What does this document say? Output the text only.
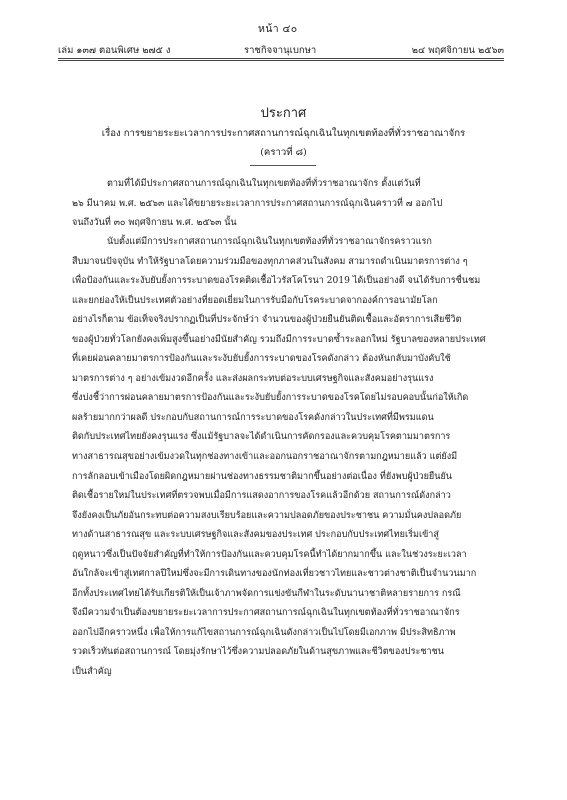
หน้า ๔๐
เล่ม ๑๓๗ ตอนพิเศษ ๒๗๕ ง	ราชกิจจานุเบกษา	๒๔ พฤศจิกายน ๒๕๖๓
ประกาศ
เรื่อง การขยายระยะเวลาการประกาศสถานการณ์ฉุกเฉินในทุกเขตท้องที่ทั่วราชอาณาจักร
(คราวที่ ๘)
ตามที่ได้มีประกาศสถานการณ์ฉุกเฉินในทุกเขตท้องที่ทั่วราชอาณาจักร ตั้งแต่วันที่
๒๖ มีนาคม พ.ศ. ๒๕๖๓ และได้ขยายระยะเวลาการประกาศสถานการณ์ฉุกเฉินคราวที่ ๗ ออกไป
จนถึงวันที่ ๓๐ พฤศจิกายน พ.ศ. ๒๕๖๓ นั้น
นับตั้งแต่มีการประกาศสถานการณ์ฉุกเฉินในทุกเขตท้องที่ทั่วราชอาณาจักรคราวแรก
สืบมาจนปัจจุบัน ทำให้รัฐบาลโดยความร่วมมือของทุกภาคส่วนในสังคม สามารถดำเนินมาตรการต่าง ๆ
เพื่อป้องกันและระงับยับยั้งการระบาดของโรคติดเชื้อไวรัสโคโรนา 2019 ได้เป็นอย่างดี จนได้รับการชื่นชม
และยกย่องให้เป็นประเทศตัวอย่างที่ยอดเยี่ยมในการรับมือกับโรคระบาดจากองค์การอนามัยโลก
อย่างไรก็ตาม ข้อเท็จจริงปรากฏเป็นที่ประจักษ์ว่า จำนวนของผู้ป่วยยืนยันติดเชื้อและอัตราการเสียชีวิต
ของผู้ป่วยทั่วโลกยังคงเพิ่มสูงขึ้นอย่างมีนัยสำคัญ รวมถึงมีการระบาดซ้ำระลอกใหม่ รัฐบาลของหลายประเทศ
ที่เคยผ่อนคลายมาตรการป้องกันและระงับยับยั้งการระบาดของโรคดังกล่าว ต้องหันกลับมาบังคับใช้
มาตรการต่าง ๆ อย่างเข้มงวดอีกครั้ง และส่งผลกระทบต่อระบบเศรษฐกิจและสังคมอย่างรุนแรง
ซึ่งบ่งชี้ว่าการผ่อนคลายมาตรการป้องกันและระงับยับยั้งการระบาดของโรคโดยไม่รอบคอบนั้นก่อให้เกิด
ผลร้ายมากกว่าผลดี ประกอบกับสถานการณ์การระบาดของโรคดังกล่าวในประเทศที่มีพรมแดน
ติดกับประเทศไทยยังคงรุนแรง ซึ่งแม้รัฐบาลจะได้ดำเนินการคัดกรองและควบคุมโรคตามมาตรการ
ทางสาธารณสุขอย่างเข้มงวดในทุกช่องทางเข้าและออกนอกราชอาณาจักรตามกฎหมายแล้ว แต่ยังมี
การลักลอบเข้าเมืองโดยผิดกฎหมายผ่านช่องทางธรรมชาติมากขึ้นอย่างต่อเนื่อง ที่ยังพบผู้ป่วยยืนยัน
ติดเชื้อรายใหม่ในประเทศที่ตรวจพบเมื่อมีการแสดงอาการของโรคแล้วอีกด้วย สถานการณ์ดังกล่าว
จึงยังคงเป็นภัยอันกระทบต่อความสงบเรียบร้อยและความปลอดภัยของประชาชน ความมั่นคงปลอดภัย
ทางด้านสาธารณสุข และระบบเศรษฐกิจและสังคมของประเทศ ประกอบกับประเทศไทยเริ่มเข้าสู่
ฤดูหนาวซึ่งเป็นปัจจัยสำคัญที่ทำให้การป้องกันและควบคุมโรคนี้ทำได้ยากมากขึ้น และในช่วงระยะเวลา
อันใกล้จะเข้าสู่เทศกาลปีใหม่ซึ่งจะมีการเดินทางของนักท่องเที่ยวชาวไทยและชาวต่างชาติเป็นจำนวนมาก
อีกทั้งประเทศไทยได้รับเกียรติให้เป็นเจ้าภาพจัดการแข่งขันกีฬาในระดับนานาชาติหลายรายการ กรณี
จึงมีความจำเป็นต้องขยายระยะเวลาการประกาศสถานการณ์ฉุกเฉินในทุกเขตท้องที่ทั่วราชอาณาจักร
ออกไปอีกคราวหนึ่ง เพื่อให้การแก้ไขสถานการณ์ฉุกเฉินดังกล่าวเป็นไปโดยมีเอกภาพ มีประสิทธิภาพ
รวดเร็วทันต่อสถานการณ์ โดยมุ่งรักษาไว้ซึ่งความปลอดภัยในด้านสุขภาพและชีวิตของประชาชน
เป็นสำคัญ
